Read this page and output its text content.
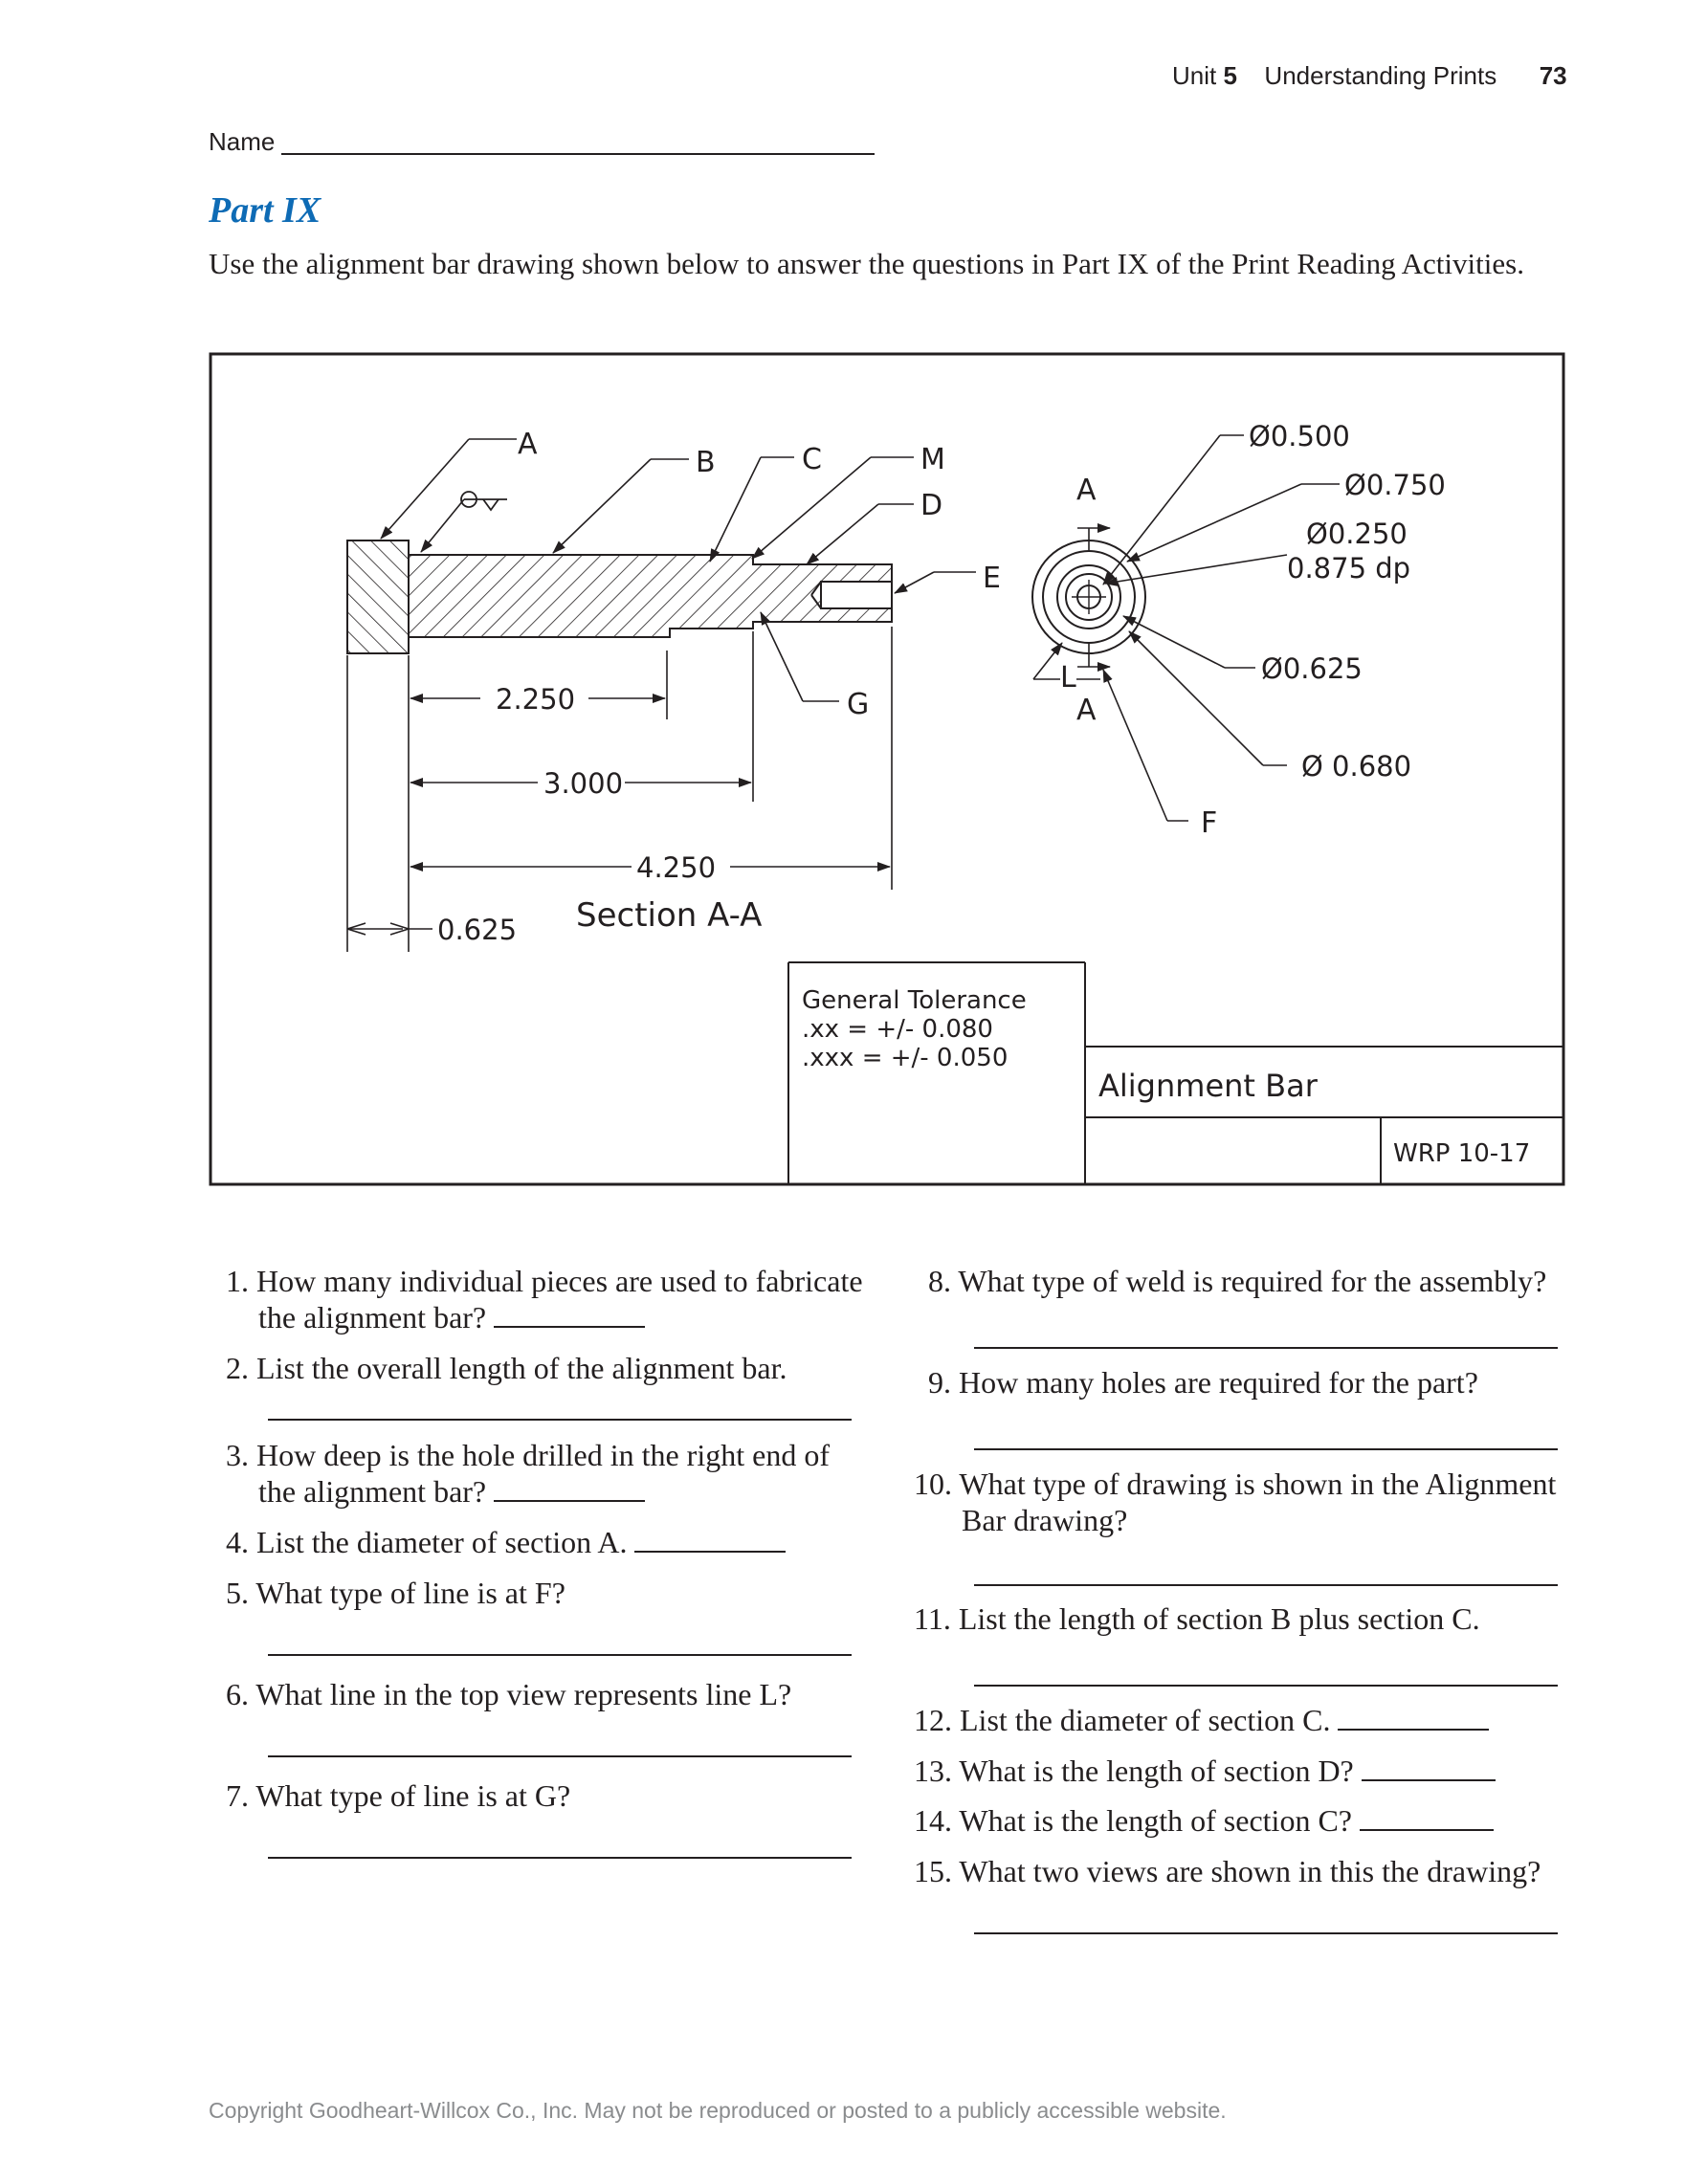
Unit 5 Understanding Prints 73
Name
Part IX
Use the alignment bar drawing shown below to answer the questions in Part IX of the Print Reading Activities.
A
B	C	M
D
E
G
F
L
A
A
2.250
3.000
4.250
0.625 Section A-A
Ø0.500
Ø0.750
Ø0.250
0.875 dp
Ø0.625
Ø 0.680
General Tolerance
.xx = +/- 0.080
.xxx = +/- 0.050
Alignment Bar
WRP 10-17
1. How many individual pieces are used to fabricate
the alignment bar?
2. List the overall length of the alignment bar.
3. How deep is the hole drilled in the right end of
the alignment bar?
4. List the diameter of section A.
5. What type of line is at F?
6. What line in the top view represents line L?
7. What type of line is at G?
8. What type of weld is required for the assembly?
9. How many holes are required for the part?
10. What type of drawing is shown in the Alignment
Bar drawing?
11. List the length of section B plus section C.
12. List the diameter of section C.
13. What is the length of section D?
14. What is the length of section C?
15. What two views are shown in this the drawing?
Copyright Goodheart-Willcox Co., Inc. May not be reproduced or posted to a publicly accessible website.
